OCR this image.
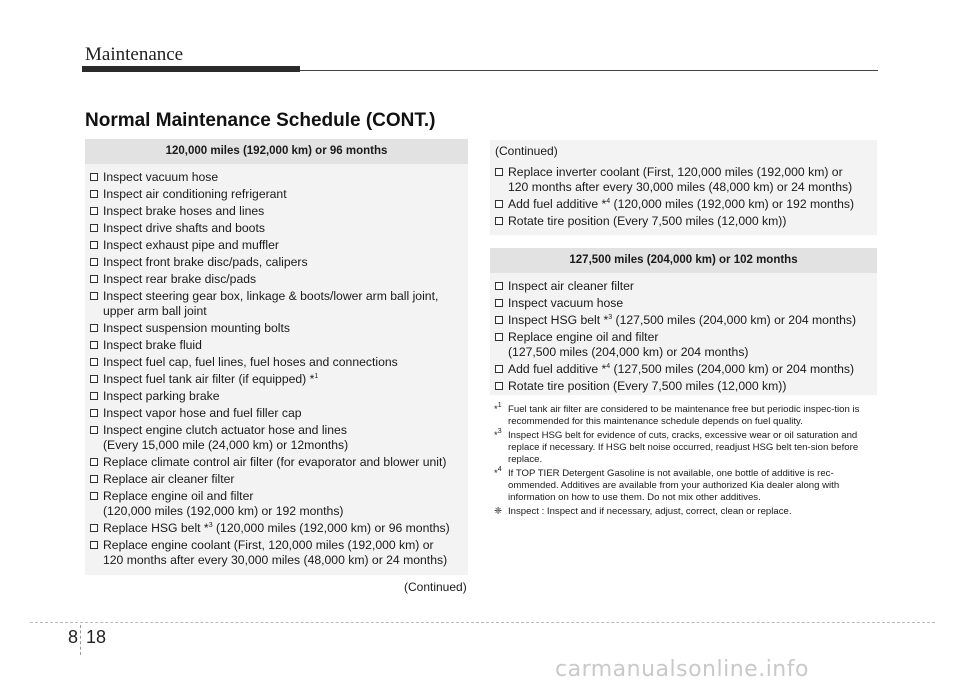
Maintenance
Normal Maintenance Schedule (CONT.)
120,000 miles (192,000 km) or 96 months
Inspect vacuum hose
Inspect air conditioning refrigerant
Inspect brake hoses and lines
Inspect drive shafts and boots
Inspect exhaust pipe and muffler
Inspect front brake disc/pads, calipers
Inspect rear brake disc/pads
Inspect steering gear box, linkage & boots/lower arm ball joint,
upper arm ball joint
Inspect suspension mounting bolts
Inspect brake fluid
Inspect fuel cap, fuel lines, fuel hoses and connections
Inspect fuel tank air filter (if equipped) *$^1$
Inspect parking brake
Inspect vapor hose and fuel filler cap
Inspect engine clutch actuator hose and lines
(Every 15,000 mile (24,000 km) or 12months)
Replace climate control air filter (for evaporator and blower unit)
Replace air cleaner filter
Replace engine oil and filter
(120,000 miles (192,000 km) or 192 months)
Replace HSG belt *$^3$ (120,000 miles (192,000 km) or 96 months)
Replace engine coolant (First, 120,000 miles (192,000 km) or
120 months after every 30,000 miles (48,000 km) or 24 months)
(Continued)
(Continued)
Replace inverter coolant (First, 120,000 miles (192,000 km) or
120 months after every 30,000 miles (48,000 km) or 24 months)
Add fuel additive *$^4$ (120,000 miles (192,000 km) or 192 months)
Rotate tire position (Every 7,500 miles (12,000 km))
127,500 miles (204,000 km) or 102 months
Inspect air cleaner filter
Inspect vacuum hose
Inspect HSG belt *$^3$ (127,500 miles (204,000 km) or 204 months)
Replace engine oil and filter
(127,500 miles (204,000 km) or 204 months)
Add fuel additive *$^4$ (127,500 miles (204,000 km) or 204 months)
Rotate tire position (Every 7,500 miles (12,000 km))
*$^1$ Fuel tank air filter are considered to be maintenance free but periodic inspec-tion is recommended for this maintenance schedule depends on fuel quality.
*$^3$ Inspect HSG belt for evidence of cuts, cracks, excessive wear or oil saturation and replace if necessary. If HSG belt noise occurred, readjust HSG belt ten-sion before replace.
*$^4$ If TOP TIER Detergent Gasoline is not available, one bottle of additive is rec-ommended. Additives are available from your authorized Kia dealer along with information on how to use them. Do not mix other additives.
❈ Inspect : Inspect and if necessary, adjust, correct, clean or replace.
8 18
carmanualsonline.info
